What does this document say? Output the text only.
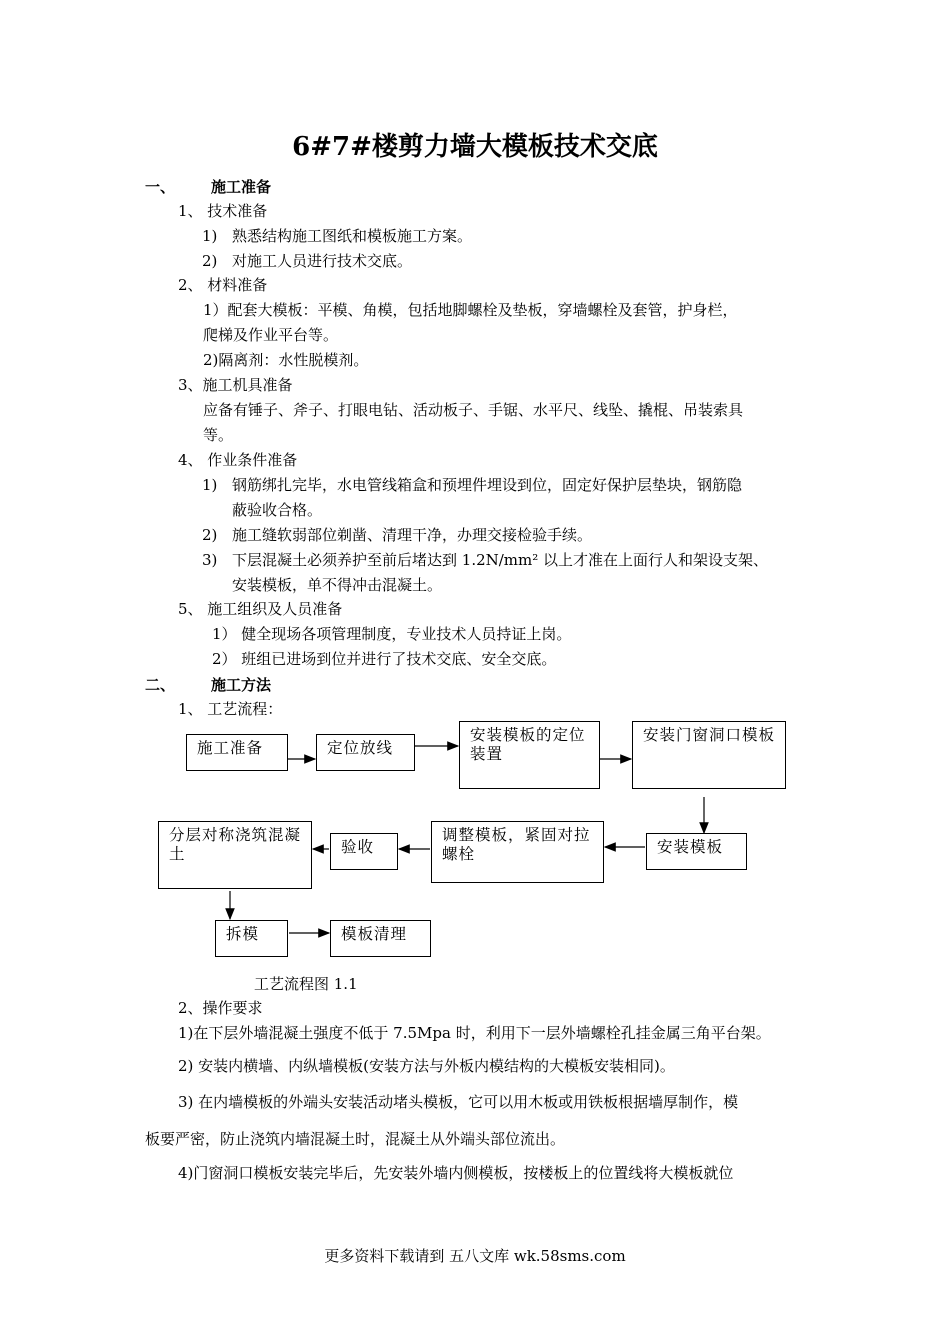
6#7#楼剪力墙大模板技术交底
一、 施工准备
1、 技术准备
1) 熟悉结构施工图纸和模板施工方案。
2) 对施工人员进行技术交底。
2、 材料准备
1）配套大模板：平模、角模，包括地脚螺栓及垫板，穿墙螺栓及套管，护身栏，
爬梯及作业平台等。
2)隔离剂：水性脱模剂。
3、施工机具准备
应备有锤子、斧子、打眼电钻、活动板子、手锯、水平尺、线坠、撬棍、吊装索具
等。
4、 作业条件准备
1) 钢筋绑扎完毕，水电管线箱盒和预埋件埋设到位，固定好保护层垫块，钢筋隐
蔽验收合格。
2) 施工缝软弱部位剃凿、清理干净，办理交接检验手续。
3) 下层混凝土必须养护至前后堵达到 1.2N/mm² 以上才准在上面行人和架设支架、
安装模板，单不得冲击混凝土。
5、 施工组织及人员准备
1） 健全现场各项管理制度，专业技术人员持证上岗。
2） 班组已进场到位并进行了技术交底、安全交底。
二、 施工方法
1、 工艺流程：
施工准备	定位放线
安装模板的定位装置
安装门窗洞口模板
安装模板
调整模板，紧固对拉螺栓
验收
分层对称浇筑混凝土
拆模	模板清理
工艺流程图 1.1
2、操作要求
1)在下层外墙混凝土强度不低于 7.5Mpa 时，利用下一层外墙螺栓孔挂金属三角平台架。
2) 安装内横墙、内纵墙模板(安装方法与外板内模结构的大模板安装相同)。
3) 在内墙模板的外端头安装活动堵头模板，它可以用木板或用铁板根据墙厚制作，模
板要严密，防止浇筑内墙混凝土时，混凝土从外端头部位流出。
4)门窗洞口模板安装完毕后，先安装外墙内侧模板，按楼板上的位置线将大模板就位
更多资料下载请到 五八文库 wk.58sms.com
